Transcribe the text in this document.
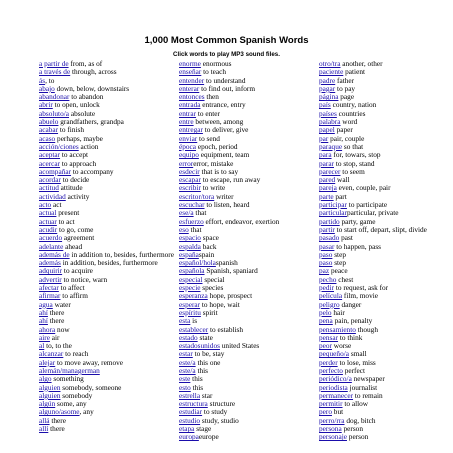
1,000 Most Common Spanish Words
Click words to play MP3 sound files.
a partir de from, as of
a través de through, across
ás, to
abajo down, below, downstairs
abandonar to abandon
abrir to open, unlock
absoluto/a absolute
abuelo grandfathers, grandpa
acabar to finish
acaso perhaps, maybe
acción/ciones action
aceptar to accept
acercar to approach
acompañar to accompany
acordar to decide
actitud attitude
actividad activity
acto act
actual present
actuar to act
acudir to go, come
acuerdo agreement
adelante ahead
además de in addition to, besides, furthermore
además in addition, besides, furthermore
adquirir to acquire
advertir to notice, warn
afectar to affect
afirmar to affirm
agua water
ahí there
ahí there
ahora now
aire air
al to, to the
alcanzar to reach
alejar to move away, remove
alemán/managerman
algo something
alguien somebody, someone
alguien somebody
algún some, any
alguno/asome, any
allá there
allí there
enorme enormous
enseñar to teach
entender to understand
enterar to find out, inform
entonces then
entrada entrance, entry
entrar to enter
entre between, among
entregar to deliver, give
enviar to send
época epoch, period
equipo equipment, team
errorerror, mistake
esdecir that is to say
escapar to escape, run away
escribir to write
escritor/tora writer
escuchar to listen, heard
ese/a that
esfuerzo effort, endeavor, exertion
eso that
espacio space
espalda back
españaspain
español/holaspanish
española Spanish, spaniard
especial special
especie species
esperanza hope, prospect
esperar to hope, wait
espíritu spirit
esta is
establecer to establish
estado state
estadosunidos united States
estar to be, stay
este/a this one
este/a this
este this
esto this
estrella star
estructura structure
estudiar to study
estudio study, studio
etapa stage
europaeurope
otro/tra another, other
paciente patient
padre father
pagar to pay
página page
país country, nation
países countries
palabra word
papel paper
par pair, couple
paraque so that
para for, towars, stop
parar to stop, stand
parecer to seem
pared wall
pareja even, couple, pair
parte part
participar to participate
particularparticular, private
partido party, game
partir to start off, depart, slipt, divide
pasado past
pasar to happen, pass
paso step
paso step
paz peace
pecho chest
pedir to request, ask for
película film, movie
peligro danger
pelo hair
pena pain, penalty
pensamiento though
pensar to think
peor worse
pequeño/a small
perder to lose, miss
perfecto perfect
periódico/a newspaper
periodista journalist
permanecer to remain
permitir to allow
pero but
perro/rra dog, bitch
persona person
personaje person
